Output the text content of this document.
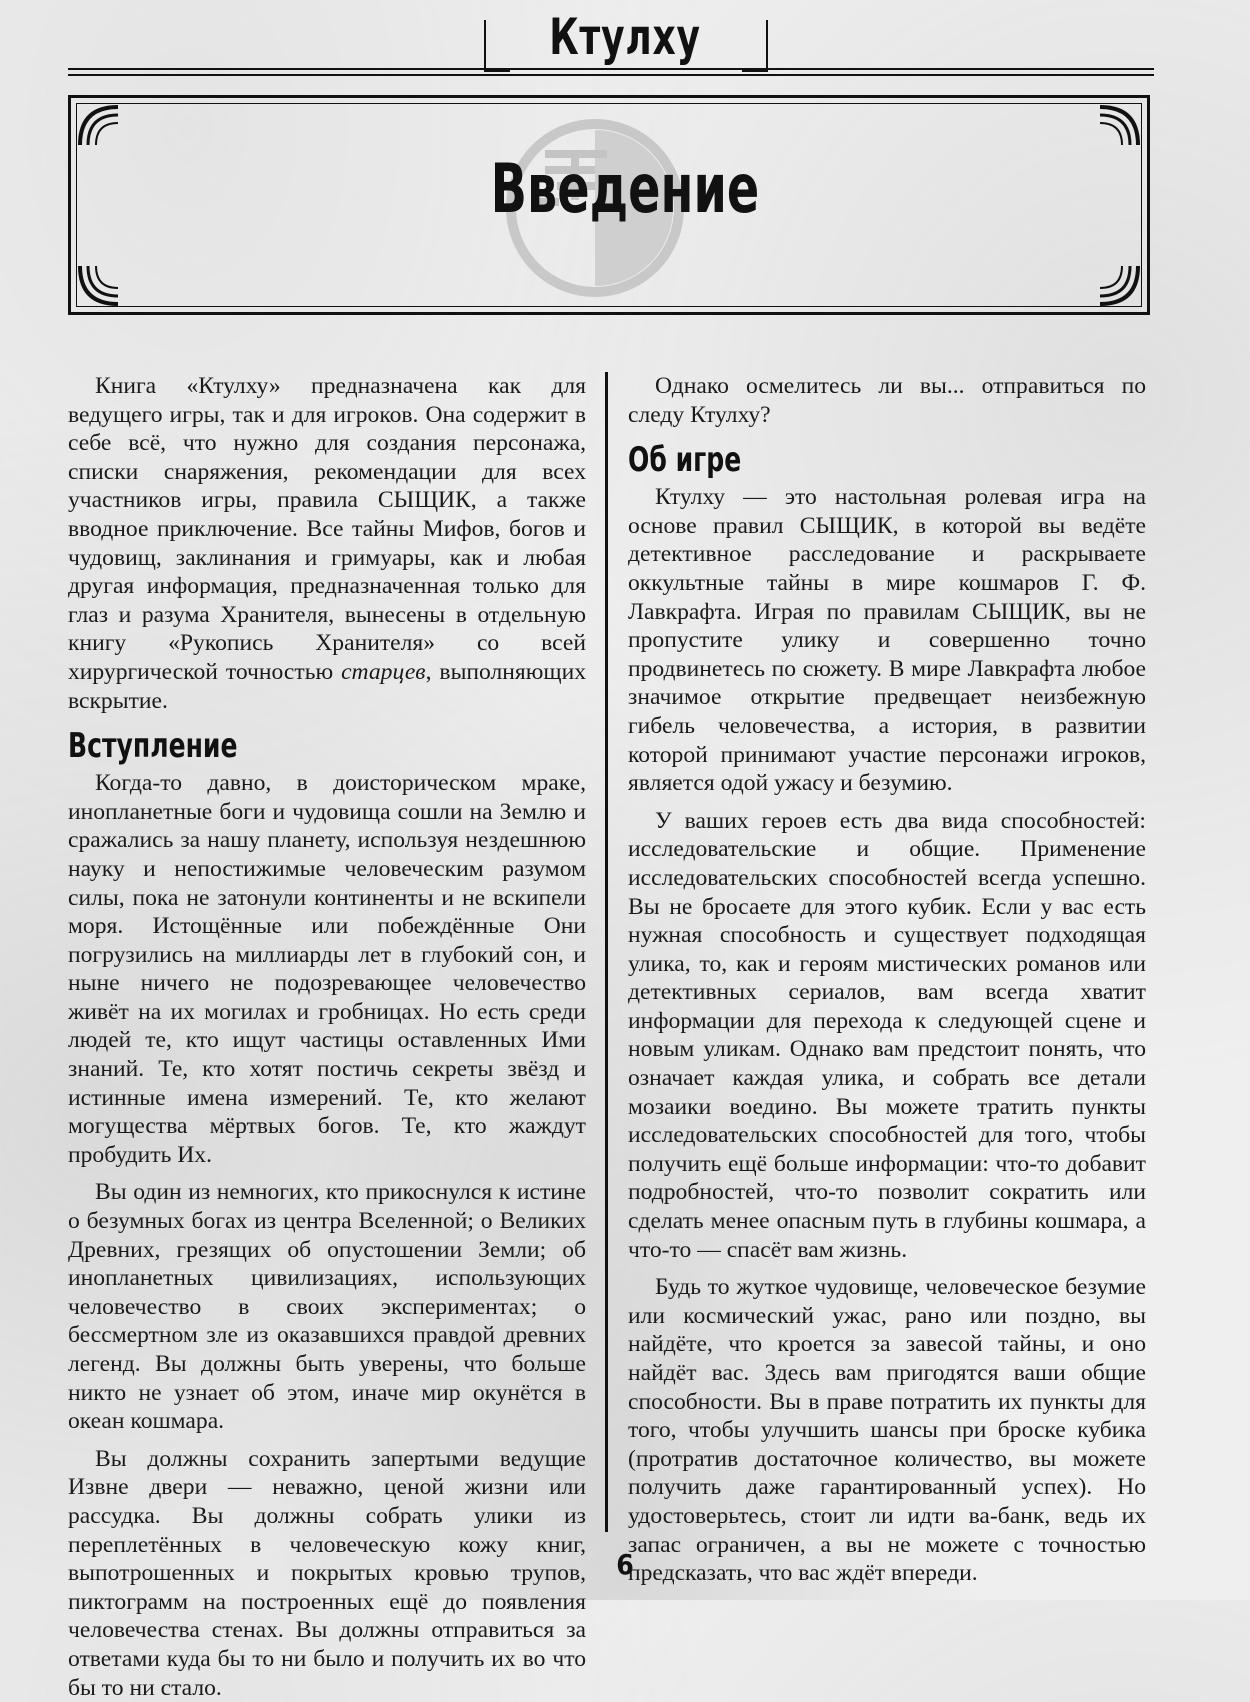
Ктулху
Введение

Книга «Ктулху» предназначена как для ведущего игры, так и для игроков. Она содержит в себе всё, что нужно для создания персонажа, списки снаряжения, рекомендации для всех участников игры, правила СЫЩИК, а также вводное приключение. Все тайны Мифов, богов и чудовищ, заклинания и гримуары, как и любая другая информация, предназначенная только для глаз и разума Хранителя, вынесены в отдельную книгу «Рукопись Хранителя» со всей хирургической точностью старцев, выполняющих вскрытие.

Вступление

Когда-то давно, в доисторическом мраке, инопланетные боги и чудовища сошли на Землю и сражались за нашу планету, используя нездешнюю науку и непостижимые человеческим разумом силы, пока не затонули континенты и не вскипели моря. Истощённые или побеждённые Они погрузились на миллиарды лет в глубокий сон, и ныне ничего не подозревающее человечество живёт на их могилах и гробницах. Но есть среди людей те, кто ищут частицы оставленных Ими знаний. Те, кто хотят постичь секреты звёзд и истинные имена измерений. Те, кто желают могущества мёртвых богов. Те, кто жаждут пробудить Их.

Вы один из немногих, кто прикоснулся к истине о безумных богах из центра Вселенной; о Великих Древних, грезящих об опустошении Земли; об инопланетных цивилизациях, использующих человечество в своих экспериментах; о бессмертном зле из оказавшихся правдой древних легенд. Вы должны быть уверены, что больше никто не узнает об этом, иначе мир окунётся в океан кошмара.

Вы должны сохранить запертыми ведущие Извне двери — неважно, ценой жизни или рассудка. Вы должны собрать улики из переплетённых в человеческую кожу книг, выпотрошенных и покрытых кровью трупов, пиктограмм на построенных ещё до появления человечества стенах. Вы должны отправиться за ответами куда бы то ни было и получить их во что бы то ни стало.

Однако осмелитесь ли вы... отправиться по следу Ктулху?

Об игре

Ктулху — это настольная ролевая игра на основе правил СЫЩИК, в которой вы ведёте детективное расследование и раскрываете оккультные тайны в мире кошмаров Г. Ф. Лавкрафта. Играя по правилам СЫЩИК, вы не пропустите улику и совершенно точно продвинетесь по сюжету. В мире Лавкрафта любое значимое открытие предвещает неизбежную гибель человечества, а история, в развитии которой принимают участие персонажи игроков, является одой ужасу и безумию.

У ваших героев есть два вида способностей: исследовательские и общие. Применение исследовательских способностей всегда успешно. Вы не бросаете для этого кубик. Если у вас есть нужная способность и существует подходящая улика, то, как и героям мистических романов или детективных сериалов, вам всегда хватит информации для перехода к следующей сцене и новым уликам. Однако вам предстоит понять, что означает каждая улика, и собрать все детали мозаики воедино. Вы можете тратить пункты исследовательских способностей для того, чтобы получить ещё больше информации: что-то добавит подробностей, что-то позволит сократить или сделать менее опасным путь в глубины кошмара, а что-то — спасёт вам жизнь.

Будь то жуткое чудовище, человеческое безумие или космический ужас, рано или поздно, вы найдёте, что кроется за завесой тайны, и оно найдёт вас. Здесь вам пригодятся ваши общие способности. Вы в праве потратить их пункты для того, чтобы улучшить шансы при броске кубика (протратив достаточное количество, вы можете получить даже гарантированный успех). Но удостоверьтесь, стоит ли идти ва-банк, ведь их запас ограничен, а вы не можете с точностью предсказать, что вас ждёт впереди.

6
